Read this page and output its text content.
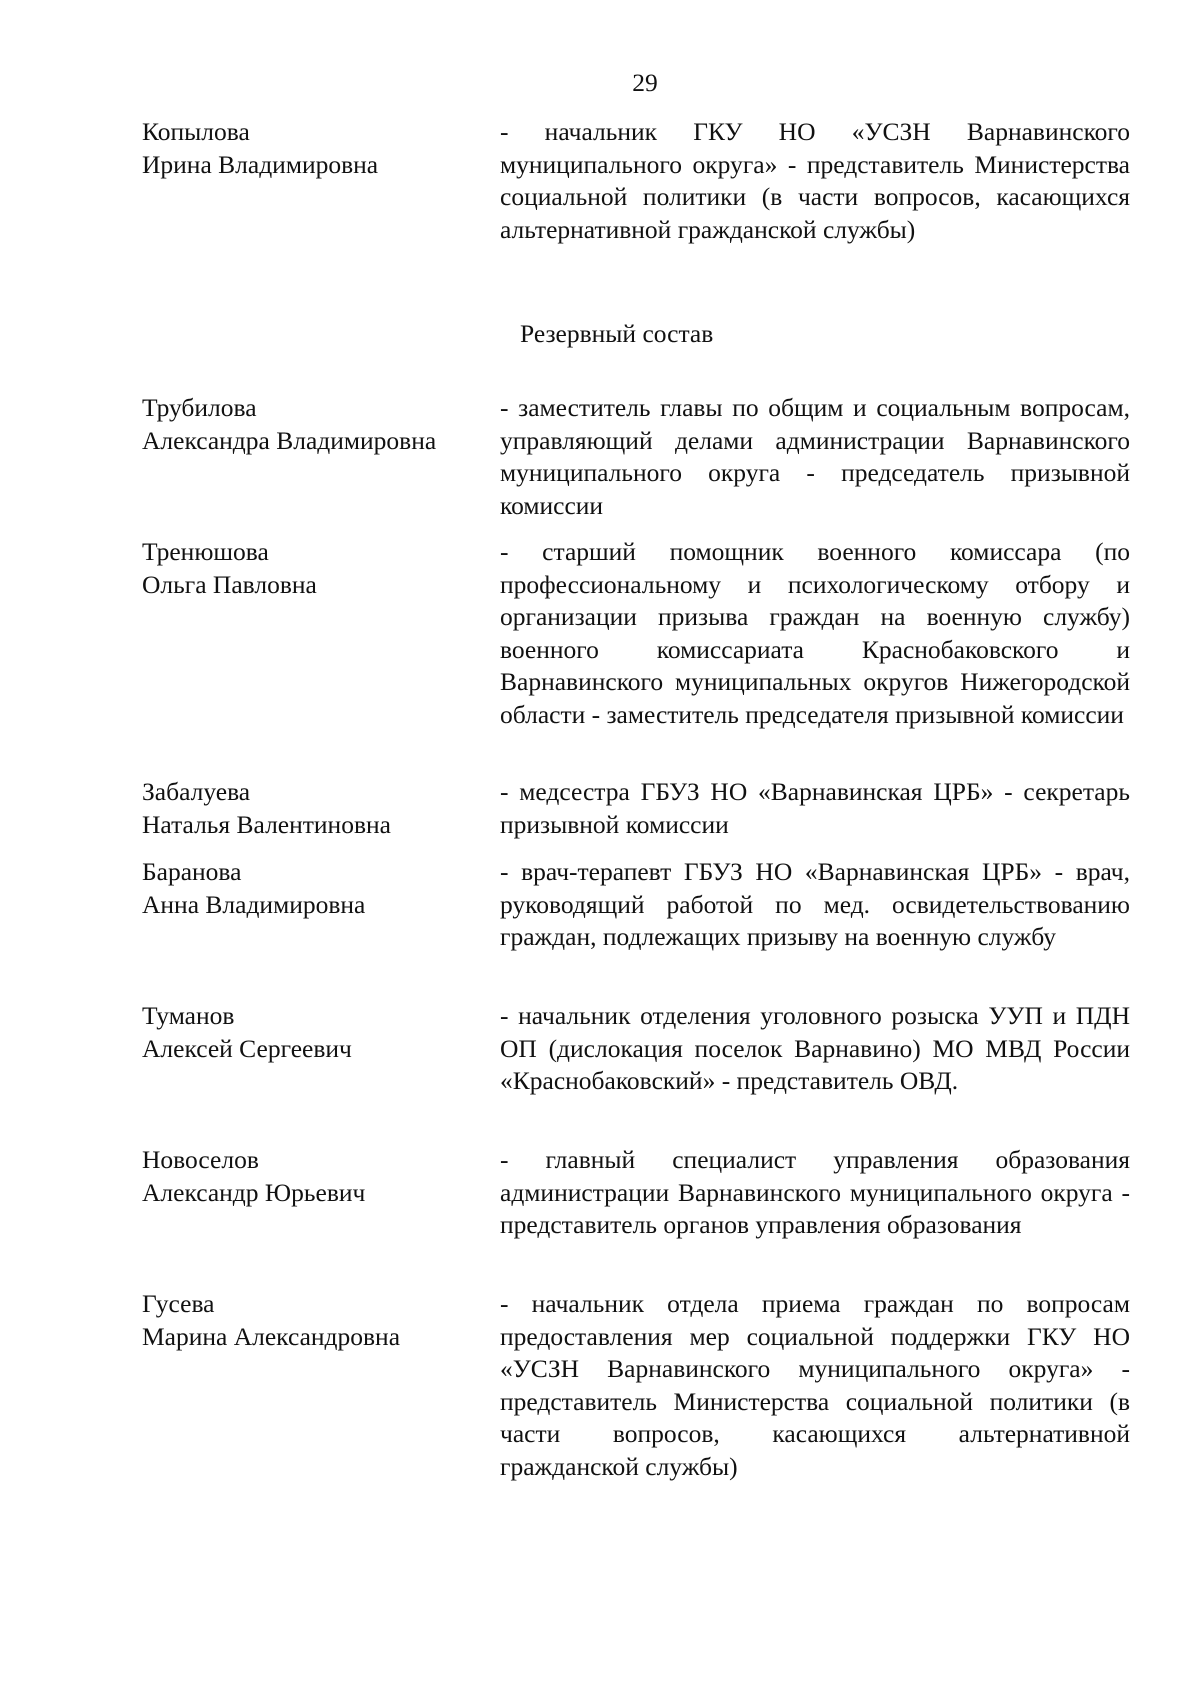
29
Копылова
Ирина Владимировна
- начальник ГКУ НО «УСЗН Варнавинского муниципального округа» - представитель Министерства социальной политики (в части вопросов, касающихся альтернативной гражданской службы)
Резервный состав
Трубилова
Александра Владимировна
- заместитель главы по общим и социальным вопросам, управляющий делами администрации Варнавинского муниципального округа - председатель призывной комиссии
Тренюшова
Ольга Павловна
- старший помощник военного комиссара (по профессиональному и психологическому отбору и организации призыва граждан на военную службу) военного комиссариата Краснобаковского и Варнавинского муниципальных округов Нижегородской области - заместитель председателя призывной комиссии
Забалуева
Наталья Валентиновна
- медсестра ГБУЗ НО «Варнавинская ЦРБ» - секретарь призывной комиссии
Баранова
Анна Владимировна
- врач-терапевт ГБУЗ НО «Варнавинская ЦРБ» - врач, руководящий работой по мед. освидетельствованию граждан, подлежащих призыву на военную службу
Туманов
Алексей Сергеевич
- начальник отделения уголовного розыска УУП и ПДН ОП (дислокация поселок Варнавино) МО МВД России «Краснобаковский» - представитель ОВД.
Новоселов
Александр Юрьевич
- главный специалист управления образования администрации Варнавинского муниципального округа - представитель органов управления образования
Гусева
Марина Александровна
- начальник отдела приема граждан по вопросам предоставления мер социальной поддержки ГКУ НО «УСЗН Варнавинского муниципального округа» - представитель Министерства социальной политики (в части вопросов, касающихся альтернативной гражданской службы)
